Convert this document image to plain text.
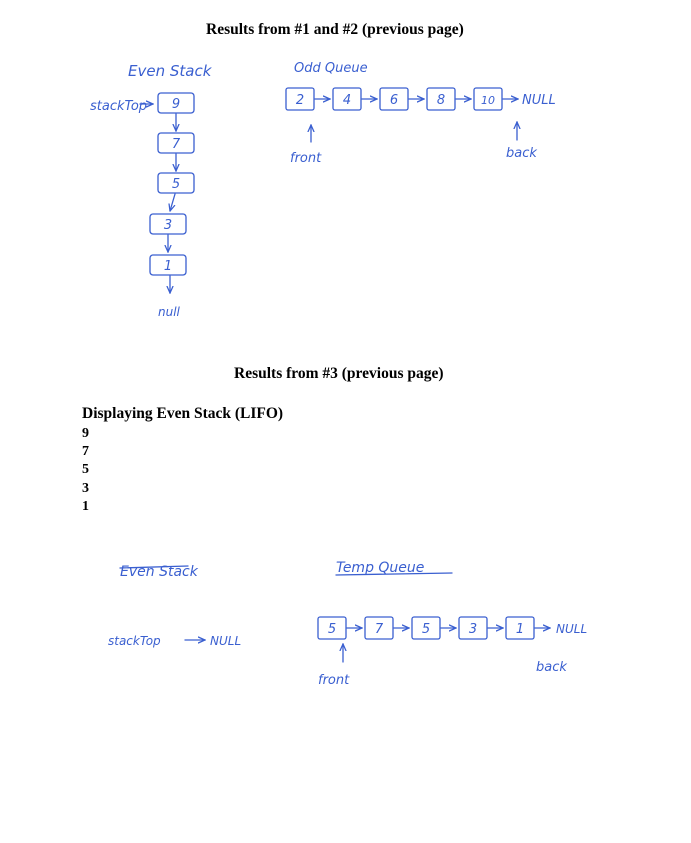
Results from #1 and #2 (previous page)
Even Stack
stackTop 9
7
5
3
1
null
Odd Queue
2	4	6	8	10 NULL
front	back
Even Stack	Temp Queue
stackTop	NULL
5	7	5	3	1	NULL
front
back
Results from #3 (previous page)
Displaying Even Stack (LIFO)
9
7
5
3
1
